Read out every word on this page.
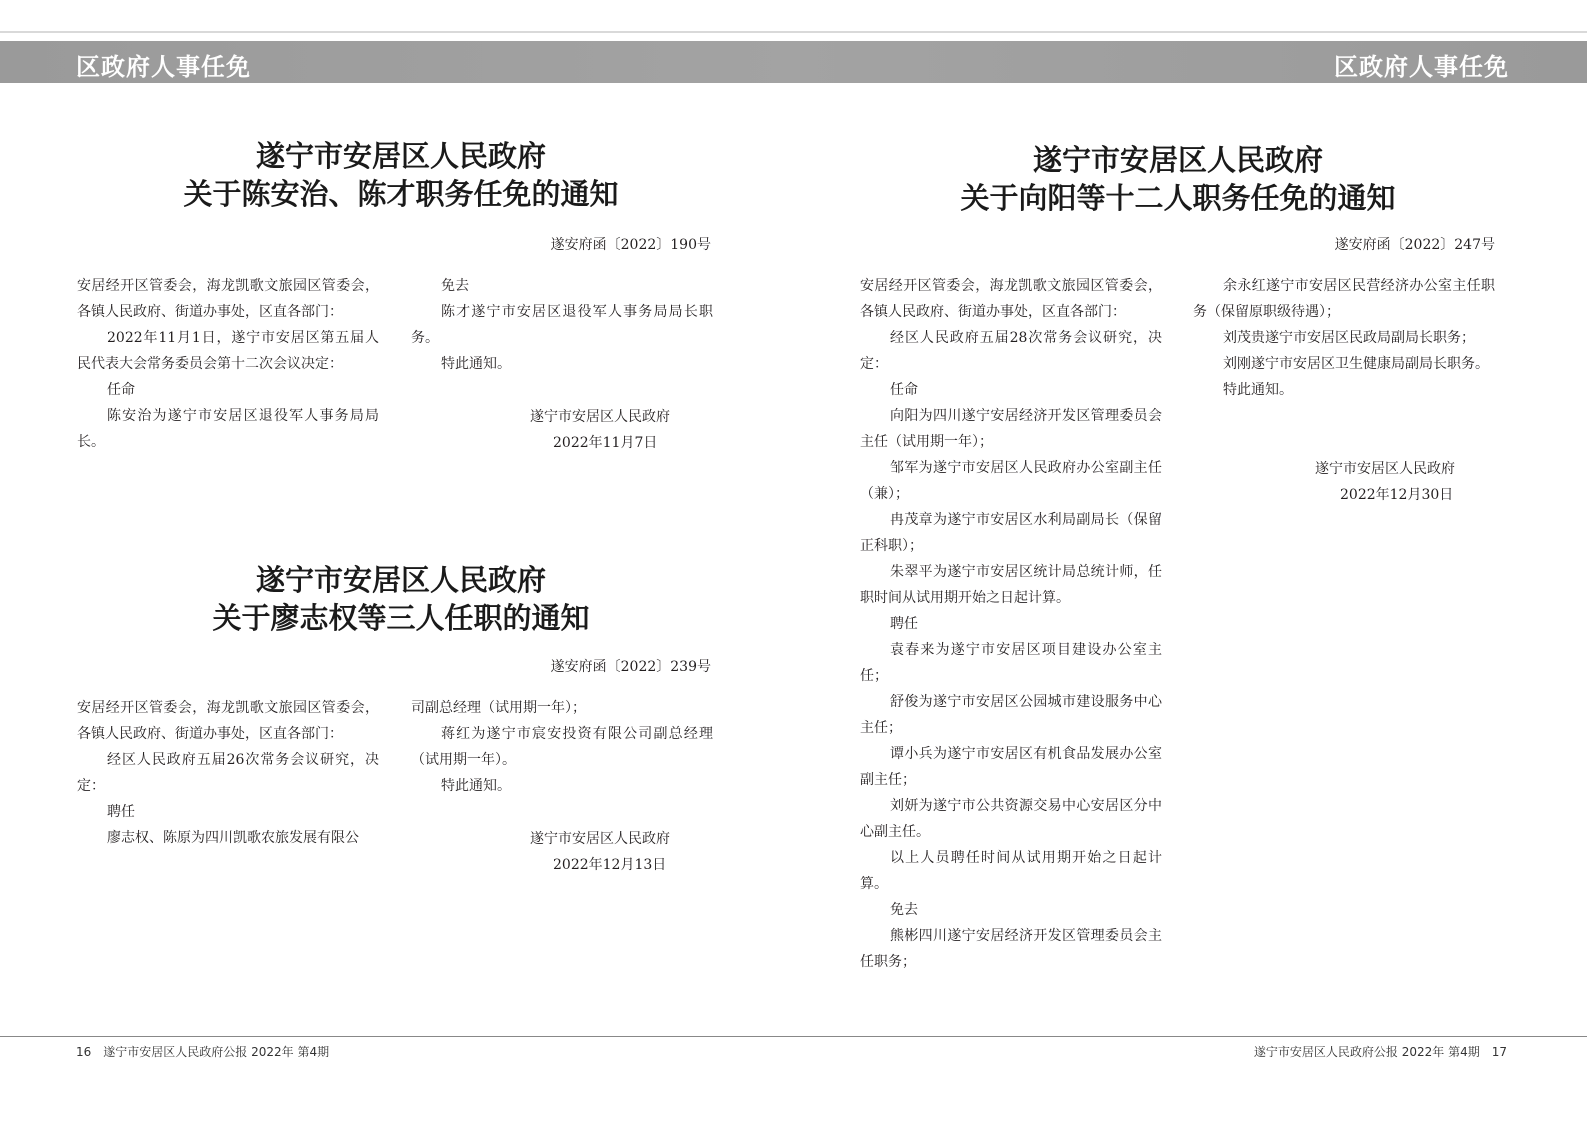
区政府人事任免	区政府人事任免
遂宁市安居区人民政府
关于陈安治、陈才职务任免的通知
遂安府函〔2022〕190号

安居经开区管委会，海龙凯歌文旅园区管委会，各镇人民政府、街道办事处，区直各部门：

2022年11月1日，遂宁市安居区第五届人民代表大会常务委员会第十二次会议决定：

任命

陈安治为遂宁市安居区退役军人事务局局长。

免去

陈才遂宁市安居区退役军人事务局局长职务。

特此通知。

遂宁市安居区人民政府
2022年11月7日
遂宁市安居区人民政府
关于廖志权等三人任职的通知
遂安府函〔2022〕239号

安居经开区管委会，海龙凯歌文旅园区管委会，各镇人民政府、街道办事处，区直各部门：

经区人民政府五届26次常务会议研究，决定：

聘任

廖志权、陈原为四川凯歌农旅发展有限公

司副总经理（试用期一年）；

蒋红为遂宁市宸安投资有限公司副总经理（试用期一年）。

特此通知。

遂宁市安居区人民政府
2022年12月13日
遂宁市安居区人民政府
关于向阳等十二人职务任免的通知
遂安府函〔2022〕247号

安居经开区管委会，海龙凯歌文旅园区管委会，各镇人民政府、街道办事处，区直各部门：

经区人民政府五届28次常务会议研究，决定：

任命

向阳为四川遂宁安居经济开发区管理委员会主任（试用期一年）；

邹军为遂宁市安居区人民政府办公室副主任（兼）；

冉茂章为遂宁市安居区水利局副局长（保留正科职）；

朱翠平为遂宁市安居区统计局总统计师，任职时间从试用期开始之日起计算。

聘任

袁春来为遂宁市安居区项目建设办公室主任；

舒俊为遂宁市安居区公园城市建设服务中心主任；

谭小兵为遂宁市安居区有机食品发展办公室副主任；

刘妍为遂宁市公共资源交易中心安居区分中心副主任。

以上人员聘任时间从试用期开始之日起计算。

免去

熊彬四川遂宁安居经济开发区管理委员会主任职务；

余永红遂宁市安居区民营经济办公室主任职务（保留原职级待遇）；

刘茂贵遂宁市安居区民政局副局长职务；

刘刚遂宁市安居区卫生健康局副局长职务。

特此通知。

遂宁市安居区人民政府
2022年12月30日
16 遂宁市安居区人民政府公报 2022年 第4期	遂宁市安居区人民政府公报 2022年 第4期 17
